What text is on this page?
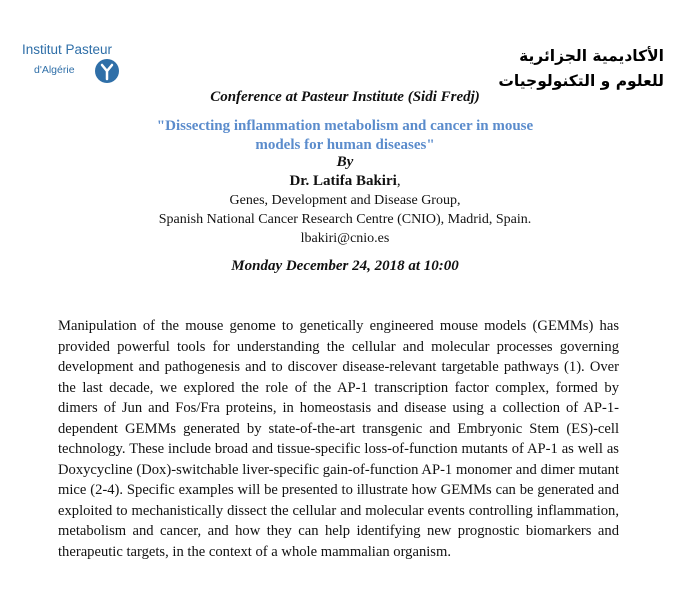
Institut Pasteur
d'Algérie
الأكاديمية الجزائرية
للعلوم و التكنولوجيات
Conference at Pasteur Institute (Sidi Fredj)
"Dissecting inflammation metabolism and cancer in mouse
models for human diseases"
By
Dr. Latifa Bakiri,
Genes, Development and Disease Group,
Spanish National Cancer Research Centre (CNIO), Madrid, Spain.
lbakiri@cnio.es
Monday December 24, 2018 at 10:00
Manipulation of the mouse genome to genetically engineered mouse models (GEMMs) has provided powerful tools for understanding the cellular and molecular processes governing development and pathogenesis and to discover disease-relevant targetable pathways (1). Over the last decade, we explored the role of the AP-1 transcription factor complex, formed by dimers of Jun and Fos/Fra proteins, in homeostasis and disease using a collection of AP-1-dependent GEMMs generated by state-of-the-art transgenic and Embryonic Stem (ES)-cell technology. These include broad and tissue-specific loss-of-function mutants of AP-1 as well as Doxycycline (Dox)-switchable liver-specific gain-of-function AP-1 monomer and dimer mutant mice (2-4). Specific examples will be presented to illustrate how GEMMs can be generated and exploited to mechanistically dissect the cellular and molecular events controlling inflammation, metabolism and cancer, and how they can help identifying new prognostic biomarkers and therapeutic targets, in the context of a whole mammalian organism.
